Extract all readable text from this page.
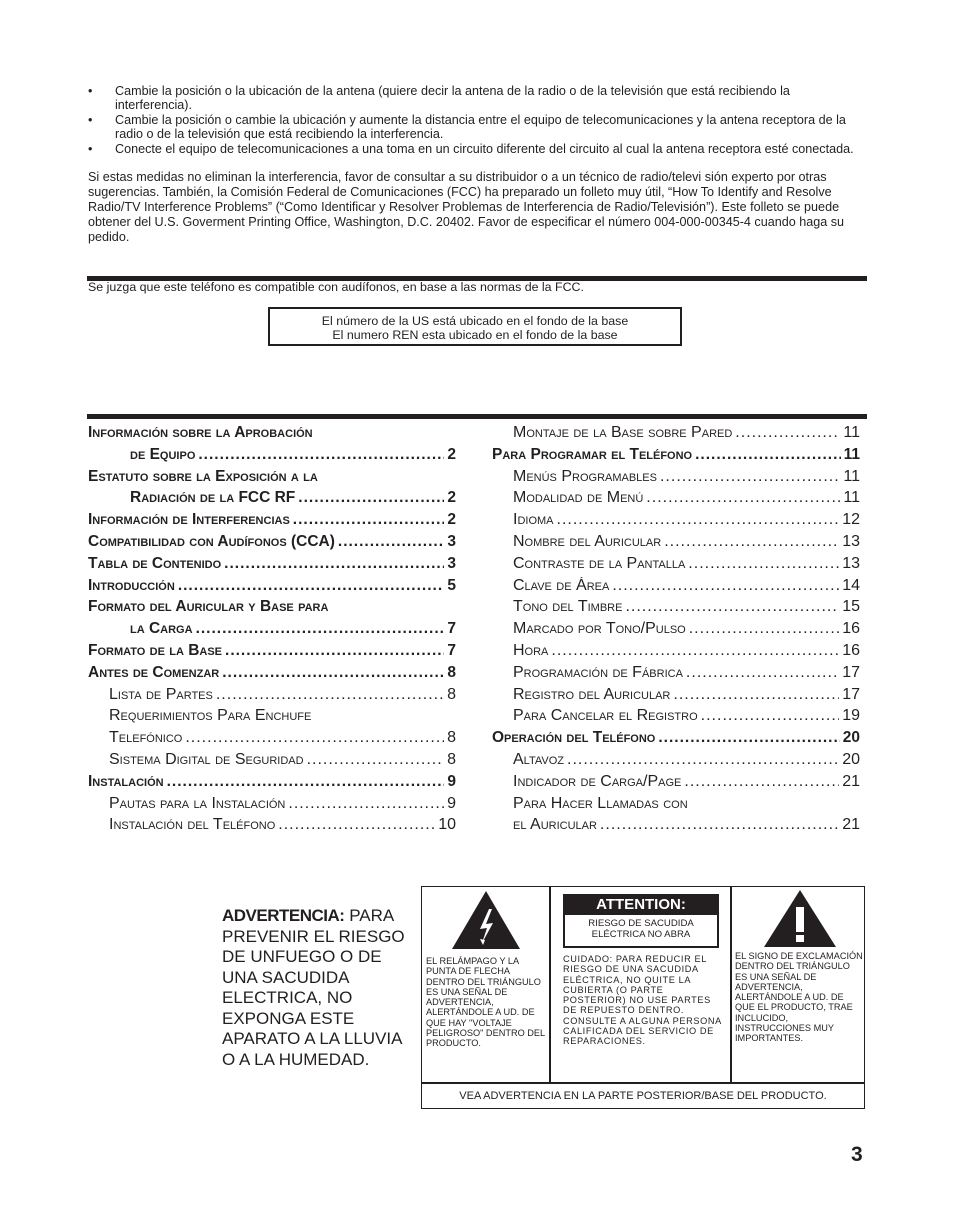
• Cambie la posición o la ubicación de la antena (quiere decir la antena de la radio o de la televisión que está recibiendo la interferencia).
• Cambie la posición o cambie la ubicación y aumente la distancia entre el equipo de telecomunicaciones y la antena receptora de la radio o de la televisión que está recibiendo la interferencia.
• Conecte el equipo de telecomunicaciones a una toma en un circuito diferente del circuito al cual la antena receptora esté conectada.
Si estas medidas no eliminan la interferencia, favor de consultar a su distribuidor o a un técnico de radio/televi sión experto por otras sugerencias. También, la Comisión Federal de Comunicaciones (FCC) ha preparado un folleto muy útil, “How To Identify and Resolve Radio/TV Interference Problems” (“Como Identificar y Resolver Problemas de Interferencia de Radio/Televisión”). Este folleto se puede obtener del U.S. Goverment Printing Office, Washington, D.C. 20402. Favor de especificar el número 004-000-00345-4 cuando haga su pedido.
Se juzga que este teléfono es compatible con audífonos, en base a las normas de la FCC.
El número de la US está ubicado en el fondo de la base
El numero REN esta ubicado en el fondo de la base
Información sobre la Aprobación
de Equipo .....	2
Estatuto sobre la Exposición a la
Radiación de la FCC RF .....	2
Información de Interferencias .....	2
Compatibilidad con Audífonos (CCA) .....	3
Tabla de Contenido .....	3
Introducción .....	5
Formato del Auricular y Base para
la Carga .....	7
Formato de la Base .....	7
Antes de Comenzar .....	8
Lista de Partes .....	8
Requerimientos Para Enchufe
Telefónico .....	8
Sistema Digital de Seguridad .....	8
Instalación .....	9
Pautas para la Instalación .....	9
Instalación del Teléfono .....	10
Montaje de la Base sobre Pared .....	11
Para Programar el Teléfono .....	11
Menús Programables .....	11
Modalidad de Menú .....	11
Idioma .....	12
Nombre del Auricular .....	13
Contraste de la Pantalla .....	13
Clave de Área .....	14
Tono del Timbre .....	15
Marcado por Tono/Pulso .....	16
Hora .....	16
Programación de Fábrica .....	17
Registro del Auricular .....	17
Para Cancelar el Registro .....	19
Operación del Teléfono .....	20
Altavoz .....	20
Indicador de Carga/Page .....	21
Para Hacer Llamadas con
el Auricular .....	21
ADVERTENCIA: PARA PREVENIR EL RIESGO DE UNFUEGO O DE UNA SACUDIDA ELECTRICA, NO EXPONGA ESTE APARATO A LA LLUVIA O A LA HUMEDAD.
EL RELÁMPAGO Y LA PUNTA DE FLECHA DENTRO DEL TRIÁNGULO ES UNA SEÑAL DE ADVERTENCIA, ALERTÁNDOLE A UD. DE QUE HAY "VOLTAJE PELIGROSO" DENTRO DEL PRODUCTO.
ATTENTION:
RIESGO DE SACUDIDA
ELÉCTRICA NO ABRA
CUIDADO: PARA REDUCIR EL RIESGO DE UNA SACUDIDA ELÉCTRICA, NO QUITE LA CUBIERTA (O PARTE POSTERIOR) NO USE PARTES DE REPUESTO DENTRO. CONSULTE A ALGUNA PERSONA CALIFICADA DEL SERVICIO DE REPARACIONES.
EL SIGNO DE EXCLAMACIÓN DENTRO DEL TRIÁNGULO ES UNA SEÑAL DE ADVERTENCIA, ALERTÁNDOLE A UD. DE QUE EL PRODUCTO, TRAE INCLUCIDO, INSTRUCCIONES MUY IMPORTANTES.
VEA ADVERTENCIA EN LA PARTE POSTERIOR/BASE DEL PRODUCTO.
3
